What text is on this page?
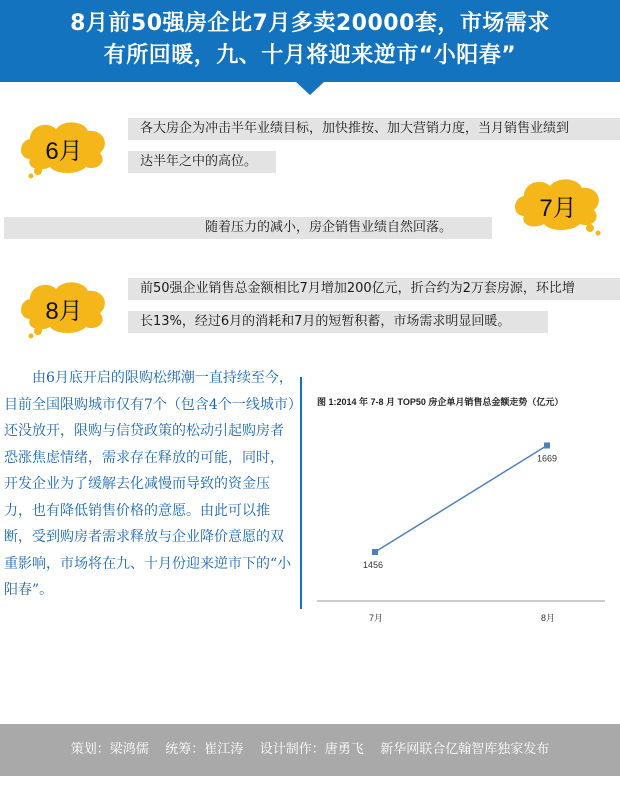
8月前50强房企比7月多卖20000套，市场需求
有所回暖，九、十月将迎来逆市“小阳春”
6月
各大房企为冲击半年业绩目标，加快推按、加大营销力度，当月销售业绩到
达半年之中的高位。
7月
随着压力的减小，房企销售业绩自然回落。
8月
前50强企业销售总金额相比7月增加200亿元，折合约为2万套房源，环比增
长13%，经过6月的消耗和7月的短暂积蓄，市场需求明显回暖。
由6月底开启的限购松绑潮一直持续至今，目前全国限购城市仅有7个（包含4个一线城市）还没放开，限购与信贷政策的松动引起购房者恐涨焦虑情绪，需求存在释放的可能，同时，开发企业为了缓解去化减慢而导致的资金压力，也有降低销售价格的意愿。由此可以推断，受到购房者需求释放与企业降价意愿的双重影响，市场将在九、十月份迎来逆市下的“小阳春”。
图 1:2014 年 7-8 月 TOP50 房企单月销售总金额走势（亿元）
1456
7月
1669
8月
策划：梁鸿儒    统筹：崔江涛    设计制作：唐勇飞    新华网联合亿翰智库独家发布
